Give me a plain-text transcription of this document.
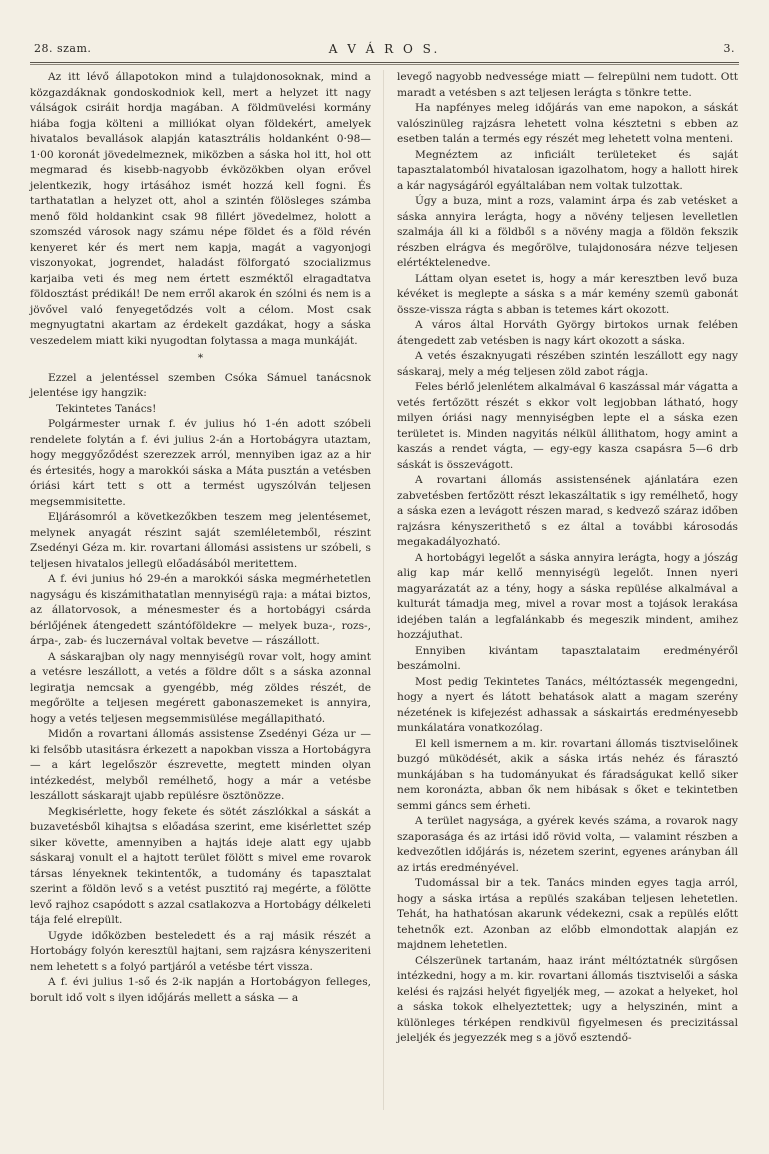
28. szam.	A V Á R O S.	3.

Az itt lévő állapotokon mind a tulajdonosoknak, mind a közgazdáknak gondoskodniok kell, mert a helyzet itt nagy válságok csiráit hordja magában. A földmüvelési kormány hiába fogja költeni a milliókat olyan földekért, amelyek hivatalos bevallások alapján katasztrális holdanként 0·98—1·00 koronát jövedelmeznek, miközben a sáska hol itt, hol ott megmarad és kisebb-nagyobb évközökben olyan erővel jelentkezik, hogy irtásához ismét hozzá kell fogni. És tarthatatlan a helyzet ott, ahol a szintén fölösleges számba menő föld holdankint csak 98 fillért jövedelmez, holott a szomszéd városok nagy számu népe földet és a föld révén kenyeret kér és mert nem kapja, magát a vagyonjogi viszonyokat, jogrendet, haladást fölforgató szocializmus karjaiba veti és meg nem értett eszméktől elragadtatva földosztást prédikál! De nem erről akarok én szólni és nem is a jövővel való fenyegetődzés volt a célom. Most csak megnyugtatni akartam az érdekelt gazdákat, hogy a sáska veszedelem miatt kiki nyugodtan folytassa a maga munkáját.

*

Ezzel a jelentéssel szemben Csóka Sámuel tanácsnok jelentése igy hangzik:

Tekintetes Tanács!

Polgármester urnak f. év julius hó 1-én adott szóbeli rendelete folytán a f. évi julius 2-án a Hortobágyra utaztam, hogy meggyőződést szerezzek arról, mennyiben igaz az a hir és értesités, hogy a marokkói sáska a Máta pusztán a vetésben óriási kárt tett s ott a termést ugyszólván teljesen megsemmisitette.

Eljárásomról a következőkben teszem meg jelentésemet, melynek anyagát részint saját szemléletemből, részint Zsedényi Géza m. kir. rovartani állomási assistens ur szóbeli, s teljesen hivatalos jellegü előadásából meritettem.

A f. évi junius hó 29-én a marokkói sáska megmérhetetlen nagyságu és kiszámithatatlan mennyiségü raja: a mátai biztos, az állatorvosok, a ménesmester és a hortobágyi csárda bérlőjének átengedett szántóföldekre — melyek buza-, rozs-, árpa-, zab- és luczernával voltak bevetve — rászállott.

A sáskarajban oly nagy mennyiségü rovar volt, hogy amint a vetésre leszállott, a vetés a földre dőlt s a sáska azonnal legiratja nemcsak a gyengébb, még zöldes részét, de megőrölte a teljesen megérett gabonaszemeket is annyira, hogy a vetés teljesen megsemmisülése megállapitható.

Midőn a rovartani állomás assistense Zsedényi Géza ur — ki felsőbb utasitásra érkezett a napokban vissza a Hortobágyra — a kárt legelőször észrevette, megtett minden olyan intézkedést, melyből remélhető, hogy a már a vetésbe leszállott sáskarajt ujabb repülésre ösztönözze.

Megkisérlette, hogy fekete és sötét zászlókkal a sáskát a buzavetésből kihajtsa s előadása szerint, eme kisérlettet szép siker követte, amennyiben a hajtás ideje alatt egy ujabb sáskaraj vonult el a hajtott terület fölött s mivel eme rovarok társas lényeknek tekintentők, a tudomány és tapasztalat szerint a földön levő s a vetést pusztitó raj megérte, a fölötte levő rajhoz csapódott s azzal csatlakozva a Hortobágy délkeleti tája felé elrepült.

Ugyde időközben besteledett és a raj másik részét a Hortobágy folyón keresztül hajtani, sem rajzásra kényszeriteni nem lehetett s a folyó partjáról a vetésbe tért vissza.

A f. évi julius 1-ső és 2-ik napján a Hortobágyon felleges, borult idő volt s ilyen időjárás mellett a sáska — a

levegő nagyobb nedvessége miatt — felrepülni nem tudott. Ott maradt a vetésben s azt teljesen lerágta s tönkre tette.

Ha napfényes meleg időjárás van eme napokon, a sáskát valószinüleg rajzásra lehetett volna késztetni s ebben az esetben talán a termés egy részét meg lehetett volna menteni.

Megnéztem az inficiált területeket és saját tapasztalatomból hivatalosan igazolhatom, hogy a hallott hirek a kár nagyságáról egyáltalában nem voltak tulzottak.

Úgy a buza, mint a rozs, valamint árpa és zab vetésket a sáska annyira lerágta, hogy a növény teljesen levelletlen szalmája áll ki a földből s a növény magja a földön fekszik részben elrágva és megőrölve, tulajdonosára nézve teljesen elértéktelenedve.

Láttam olyan esetet is, hogy a már keresztben levő buza kévéket is meglepte a sáska s a már kemény szemü gabonát össze-vissza rágta s abban is tetemes kárt okozott.

A város által Horváth György birtokos urnak felében átengedett zab vetésben is nagy kárt okozott a sáska.

A vetés északnyugati részében szintén leszállott egy nagy sáskaraj, mely a még teljesen zöld zabot rágja.

Feles bérlő jelenlétem alkalmával 6 kaszással már vágatta a vetés fertőzött részét s ekkor volt legjobban látható, hogy milyen óriási nagy mennyiségben lepte el a sáska ezen területet is. Minden nagyitás nélkül állithatom, hogy amint a kaszás a rendet vágta, — egy-egy kasza csapásra 5—6 drb sáskát is összevágott.

A rovartani állomás assistensének ajánlatára ezen zabvetésben fertőzött részt lekaszáltatik s igy remélhető, hogy a sáska ezen a levágott részen marad, s kedvező száraz időben rajzásra kényszerithető s ez által a további károsodás megakadályozható.

A hortobágyi legelőt a sáska annyira lerágta, hogy a jószág alig kap már kellő mennyiségü legelőt. Innen nyeri magyarázatát az a tény, hogy a sáska repülése alkalmával a kulturát támadja meg, mivel a rovar most a tojások lerakása idejében talán a legfalánkabb és megeszik mindent, amihez hozzájuthat.

Ennyiben kivántam tapasztalataim eredményéről beszámolni.

Most pedig Tekintetes Tanács, méltóztassék megengedni, hogy a nyert és látott behatások alatt a magam szerény nézetének is kifejezést adhassak a sáskairtás eredményesebb munkálatára vonatkozólag.

El kell ismernem a m. kir. rovartani állomás tisztviselőinek buzgó müködését, akik a sáska irtás nehéz és fárasztó munkájában s ha tudományukat és fáradságukat kellő siker nem koronázta, abban ők nem hibásak s őket e tekintetben semmi gáncs sem érheti.

A terület nagysága, a gyérek kevés száma, a rovarok nagy szaporasága és az irtási idő rövid volta, — valamint részben a kedvezőtlen időjárás is, nézetem szerint, egyenes arányban áll az irtás eredményével.

Tudomással bir a tek. Tanács minden egyes tagja arról, hogy a sáska irtása a repülés szakában teljesen lehetetlen. Tehát, ha hathatósan akarunk védekezni, csak a repülés előtt tehetnők ezt. Azonban az előbb elmondottak alapján ez majdnem lehetetlen.

Célszerünek tartanám, haaz iránt méltóztatnék sürgősen intézkedni, hogy a m. kir. rovartani állomás tisztviselői a sáska kelési és rajzási helyét figyeljék meg, — azokat a helyeket, hol a sáska tokok elhelyeztettek; ugy a helyszinén, mint a különleges térképen rendkivül figyelmesen és precizitással jeleljék és jegyezzék meg s a jövő esztendő-
